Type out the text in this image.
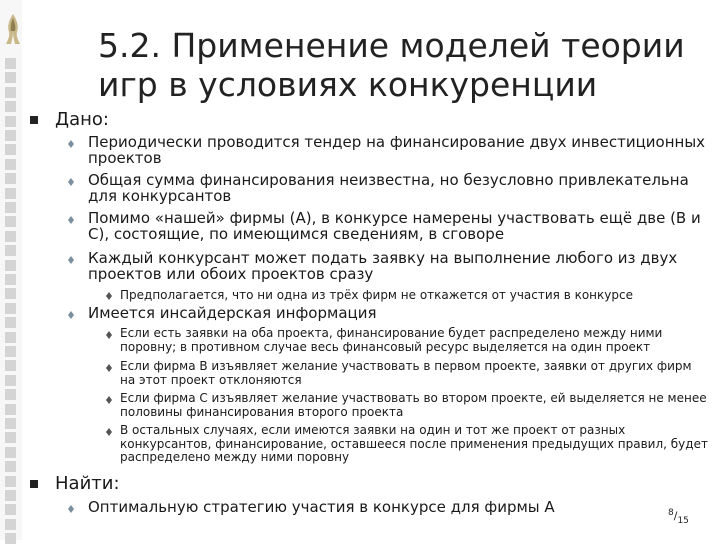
5.2. Применение моделей теории игр в условиях конкуренции

Дано:

Периодически проводится тендер на финансирование двух инвестиционных проектов

Общая сумма финансирования неизвестна, но безусловно привлекательна для конкурсантов

Помимо «нашей» фирмы (A), в конкурсе намерены участвовать ещё две (B и C), состоящие, по имеющимся сведениям, в сговоре

Каждый конкурсант может подать заявку на выполнение любого из двух проектов или обоих проектов сразу

Предполагается, что ни одна из трёх фирм не откажется от участия в конкурсе

Имеется инсайдерская информация

Если есть заявки на оба проекта, финансирование будет распределено между ними поровну; в противном случае весь финансовый ресурс выделяется на один проект

Если фирма B изъявляет желание участвовать в первом проекте, заявки от других фирм на этот проект отклоняются

Если фирма C изъявляет желание участвовать во втором проекте, ей выделяется не менее половины финансирования второго проекта

В остальных случаях, если имеются заявки на один и тот же проект от разных конкурсантов, финансирование, оставшееся после применения предыдущих правил, будет распределено между ними поровну

Найти:

Оптимальную стратегию участия в конкурсе для фирмы A	$^8/_{15}$
